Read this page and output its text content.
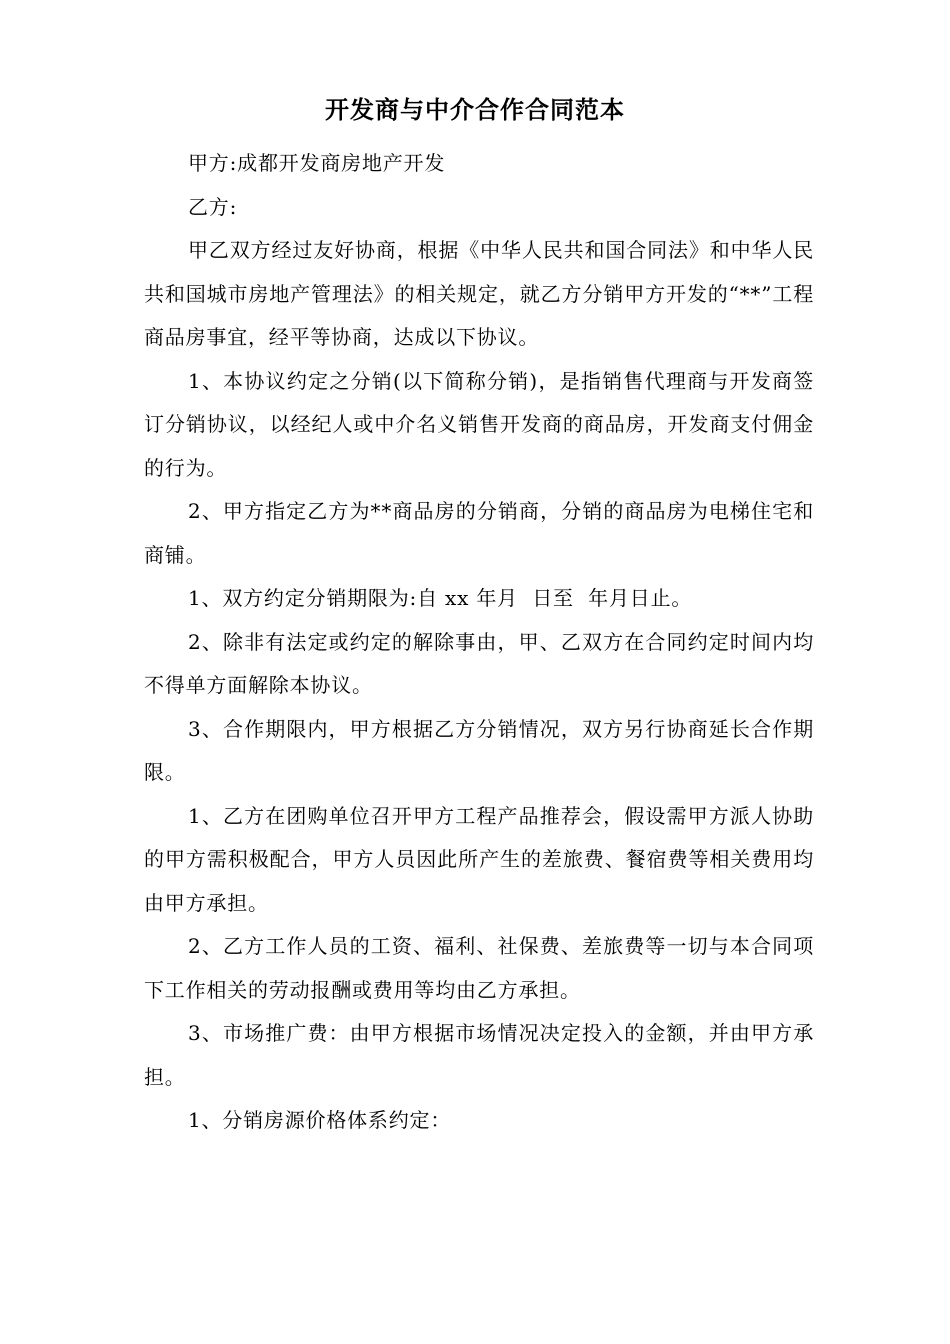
开发商与中介合作合同范本

甲方:成都开发商房地产开发

乙方:

甲乙双方经过友好协商，根据《中华人民共和国合同法》和中华人民共和国城市房地产管理法》的相关规定，就乙方分销甲方开发的“**”工程商品房事宜，经平等协商，达成以下协议。

1、本协议约定之分销(以下简称分销)，是指销售代理商与开发商签订分销协议，以经纪人或中介名义销售开发商的商品房，开发商支付佣金的行为。

2、甲方指定乙方为**商品房的分销商，分销的商品房为电梯住宅和商铺。

1、双方约定分销期限为:自 xx 年月  日至  年月日止。

2、除非有法定或约定的解除事由，甲、乙双方在合同约定时间内均不得单方面解除本协议。

3、合作期限内，甲方根据乙方分销情况，双方另行协商延长合作期限。

1、乙方在团购单位召开甲方工程产品推荐会，假设需甲方派人协助的甲方需积极配合，甲方人员因此所产生的差旅费、餐宿费等相关费用均由甲方承担。

2、乙方工作人员的工资、福利、社保费、差旅费等一切与本合同项下工作相关的劳动报酬或费用等均由乙方承担。

3、市场推广费：由甲方根据市场情况决定投入的金额，并由甲方承担。

1、分销房源价格体系约定：
